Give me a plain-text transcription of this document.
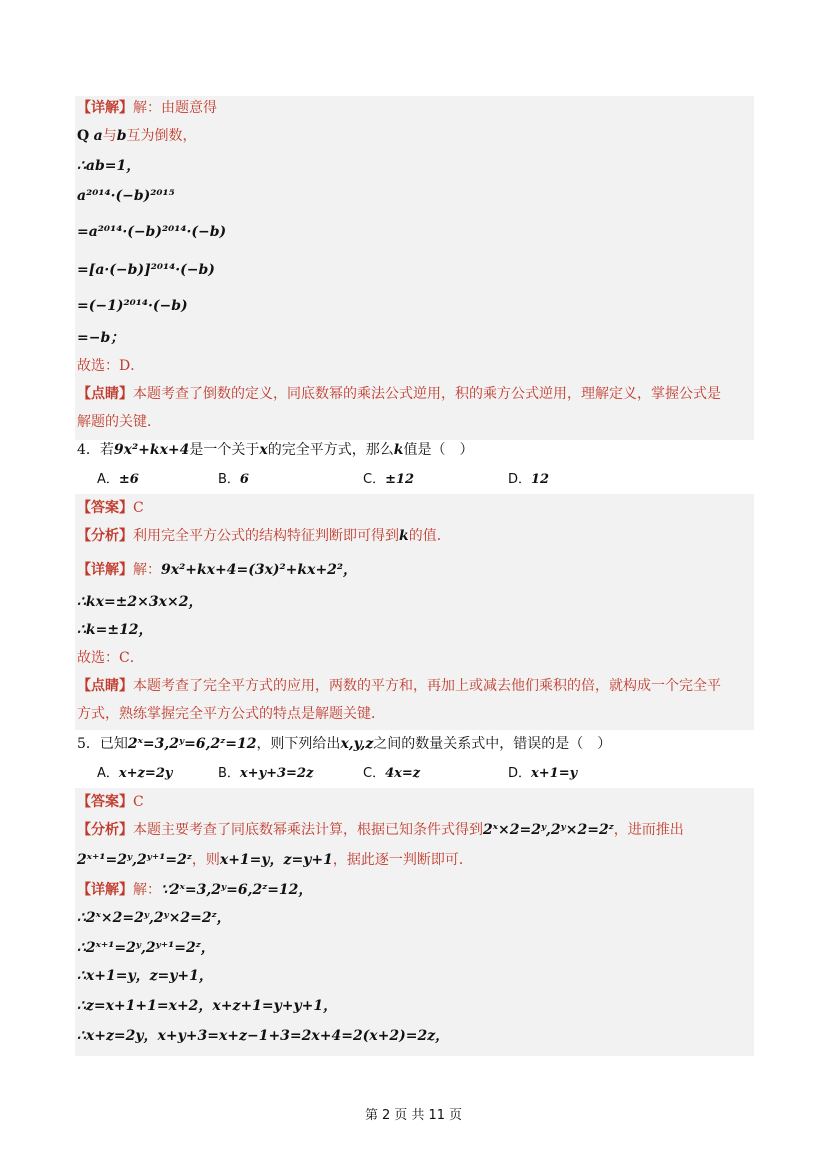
【详解】解：由题意得
Q a与b互为倒数，
∴ab=1，
a²⁰¹⁴·(−b)²⁰¹⁵
=a²⁰¹⁴·(−b)²⁰¹⁴·(−b)
=[a·(−b)]²⁰¹⁴·(−b)
=(−1)²⁰¹⁴·(−b)
=−b；
故选：D．
【点睛】本题考查了倒数的定义，同底数幂的乘法公式逆用，积的乘方公式逆用，理解定义，掌握公式是
解题的关键．
4．若9x²+kx+4是一个关于x的完全平方式，那么k值是（　）
A．±6	B．6	C．±12	D．12
【答案】C
【分析】利用完全平方公式的结构特征判断即可得到k的值．
【详解】解：9x²+kx+4=(3x)²+kx+2²，
∴kx=±2×3x×2，
∴k=±12，
故选：C．
【点睛】本题考查了完全平方式的应用，两数的平方和，再加上或减去他们乘积的倍，就构成一个完全平
方式，熟练掌握完全平方公式的特点是解题关键．
5．已知2ˣ=3,2ʸ=6,2ᶻ=12，则下列给出x,y,z之间的数量关系式中，错误的是（　）
A．x+z=2y	B．x+y+3=2z	C．4x=z	D．x+1=y
【答案】C
【分析】本题主要考查了同底数幂乘法计算，根据已知条件式得到2ˣ×2=2ʸ,2ʸ×2=2ᶻ，进而推出
2ˣ⁺¹=2ʸ,2ʸ⁺¹=2ᶻ，则x+1=y，z=y+1，据此逐一判断即可．
【详解】解：∵2ˣ=3,2ʸ=6,2ᶻ=12，
∴2ˣ×2=2ʸ,2ʸ×2=2ᶻ，
∴2ˣ⁺¹=2ʸ,2ʸ⁺¹=2ᶻ，
∴x+1=y，z=y+1，
∴z=x+1+1=x+2，x+z+1=y+y+1，
∴x+z=2y，x+y+3=x+z−1+3=2x+4=2(x+2)=2z，
第 2 页 共 11 页
